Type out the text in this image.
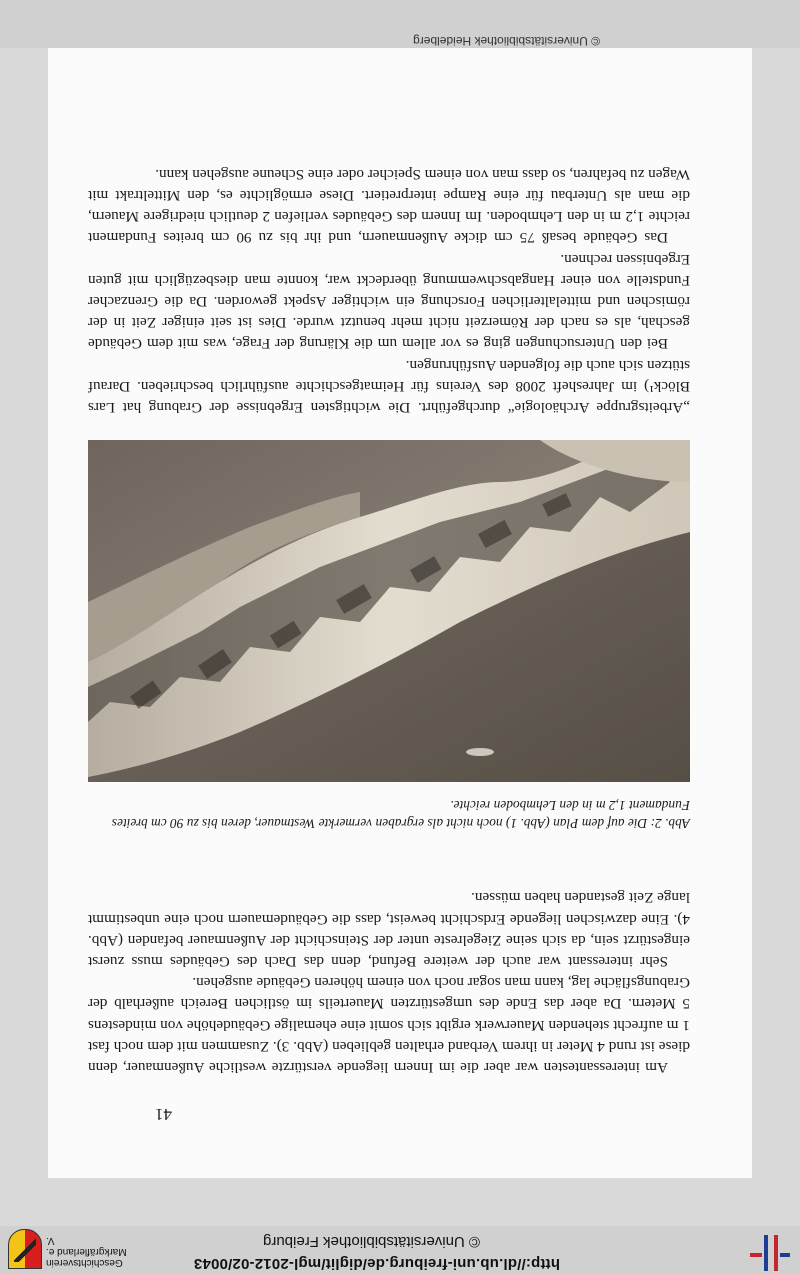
http://dl.ub.uni-freiburg.de/diglit/mgl-2012-02/0043
© Universitätsbibliothek Freiburg
Geschichtsverein Markgräflerland e. V.
41

Am interessantesten war aber die im Innern liegende verstürzte westliche Außenmauer, denn diese ist rund 4 Meter in ihrem Verband erhalten geblieben (Abb. 3). Zusammen mit dem noch fast 1 m aufrecht stehenden Mauerwerk ergibt sich somit eine ehemalige Gebäudehöhe von mindestens 5 Metern. Da aber das Ende des umgestürzten Mauerteils im östlichen Bereich außerhalb der Grabungsfläche lag, kann man sogar noch von einem höheren Gebäude ausgehen.

Sehr interessant war auch der weitere Befund, denn das Dach des Gebäudes muss zuerst eingestürzt sein, da sich seine Ziegelreste unter der Steinschicht der Außenmauer befanden (Abb. 4). Eine dazwischen liegende Erdschicht beweist, dass die Gebäudemauern noch eine unbestimmt lange Zeit gestanden haben müssen.

Abb. 2: Die auf dem Plan (Abb. 1) noch nicht als ergraben vermerkte Westmauer, deren bis zu 90 cm breites Fundament 1,2 m in den Lehmboden reichte.

„Arbeitsgruppe Archäologie“ durchgeführt. Die wichtigsten Ergebnisse der Grabung hat Lars Blöck¹) im Jahresheft 2008 des Vereins für Heimatgeschichte ausführlich beschrieben. Darauf stützen sich auch die folgenden Ausführungen.

Bei den Untersuchungen ging es vor allem um die Klärung der Frage, was mit dem Gebäude geschah, als es nach der Römerzeit nicht mehr benutzt wurde. Dies ist seit einiger Zeit in der römischen und mittelalterlichen Forschung ein wichtiger Aspekt geworden. Da die Grenzacher Fundstelle von einer Hangabschwemmung überdeckt war, konnte man diesbezüglich mit guten Ergebnissen rechnen.

Das Gebäude besaß 75 cm dicke Außenmauern, und ihr bis zu 90 cm breites Fundament reichte 1,2 m in den Lehmboden. Im Innern des Gebäudes verliefen 2 deutlich niedrigere Mauern, die man als Unterbau für eine Rampe interpretiert. Diese ermöglichte es, den Mitteltrakt mit Wagen zu befahren, so dass man von einem Speicher oder eine Scheune ausgehen kann.

© Universitätsbibliothek Heidelberg
